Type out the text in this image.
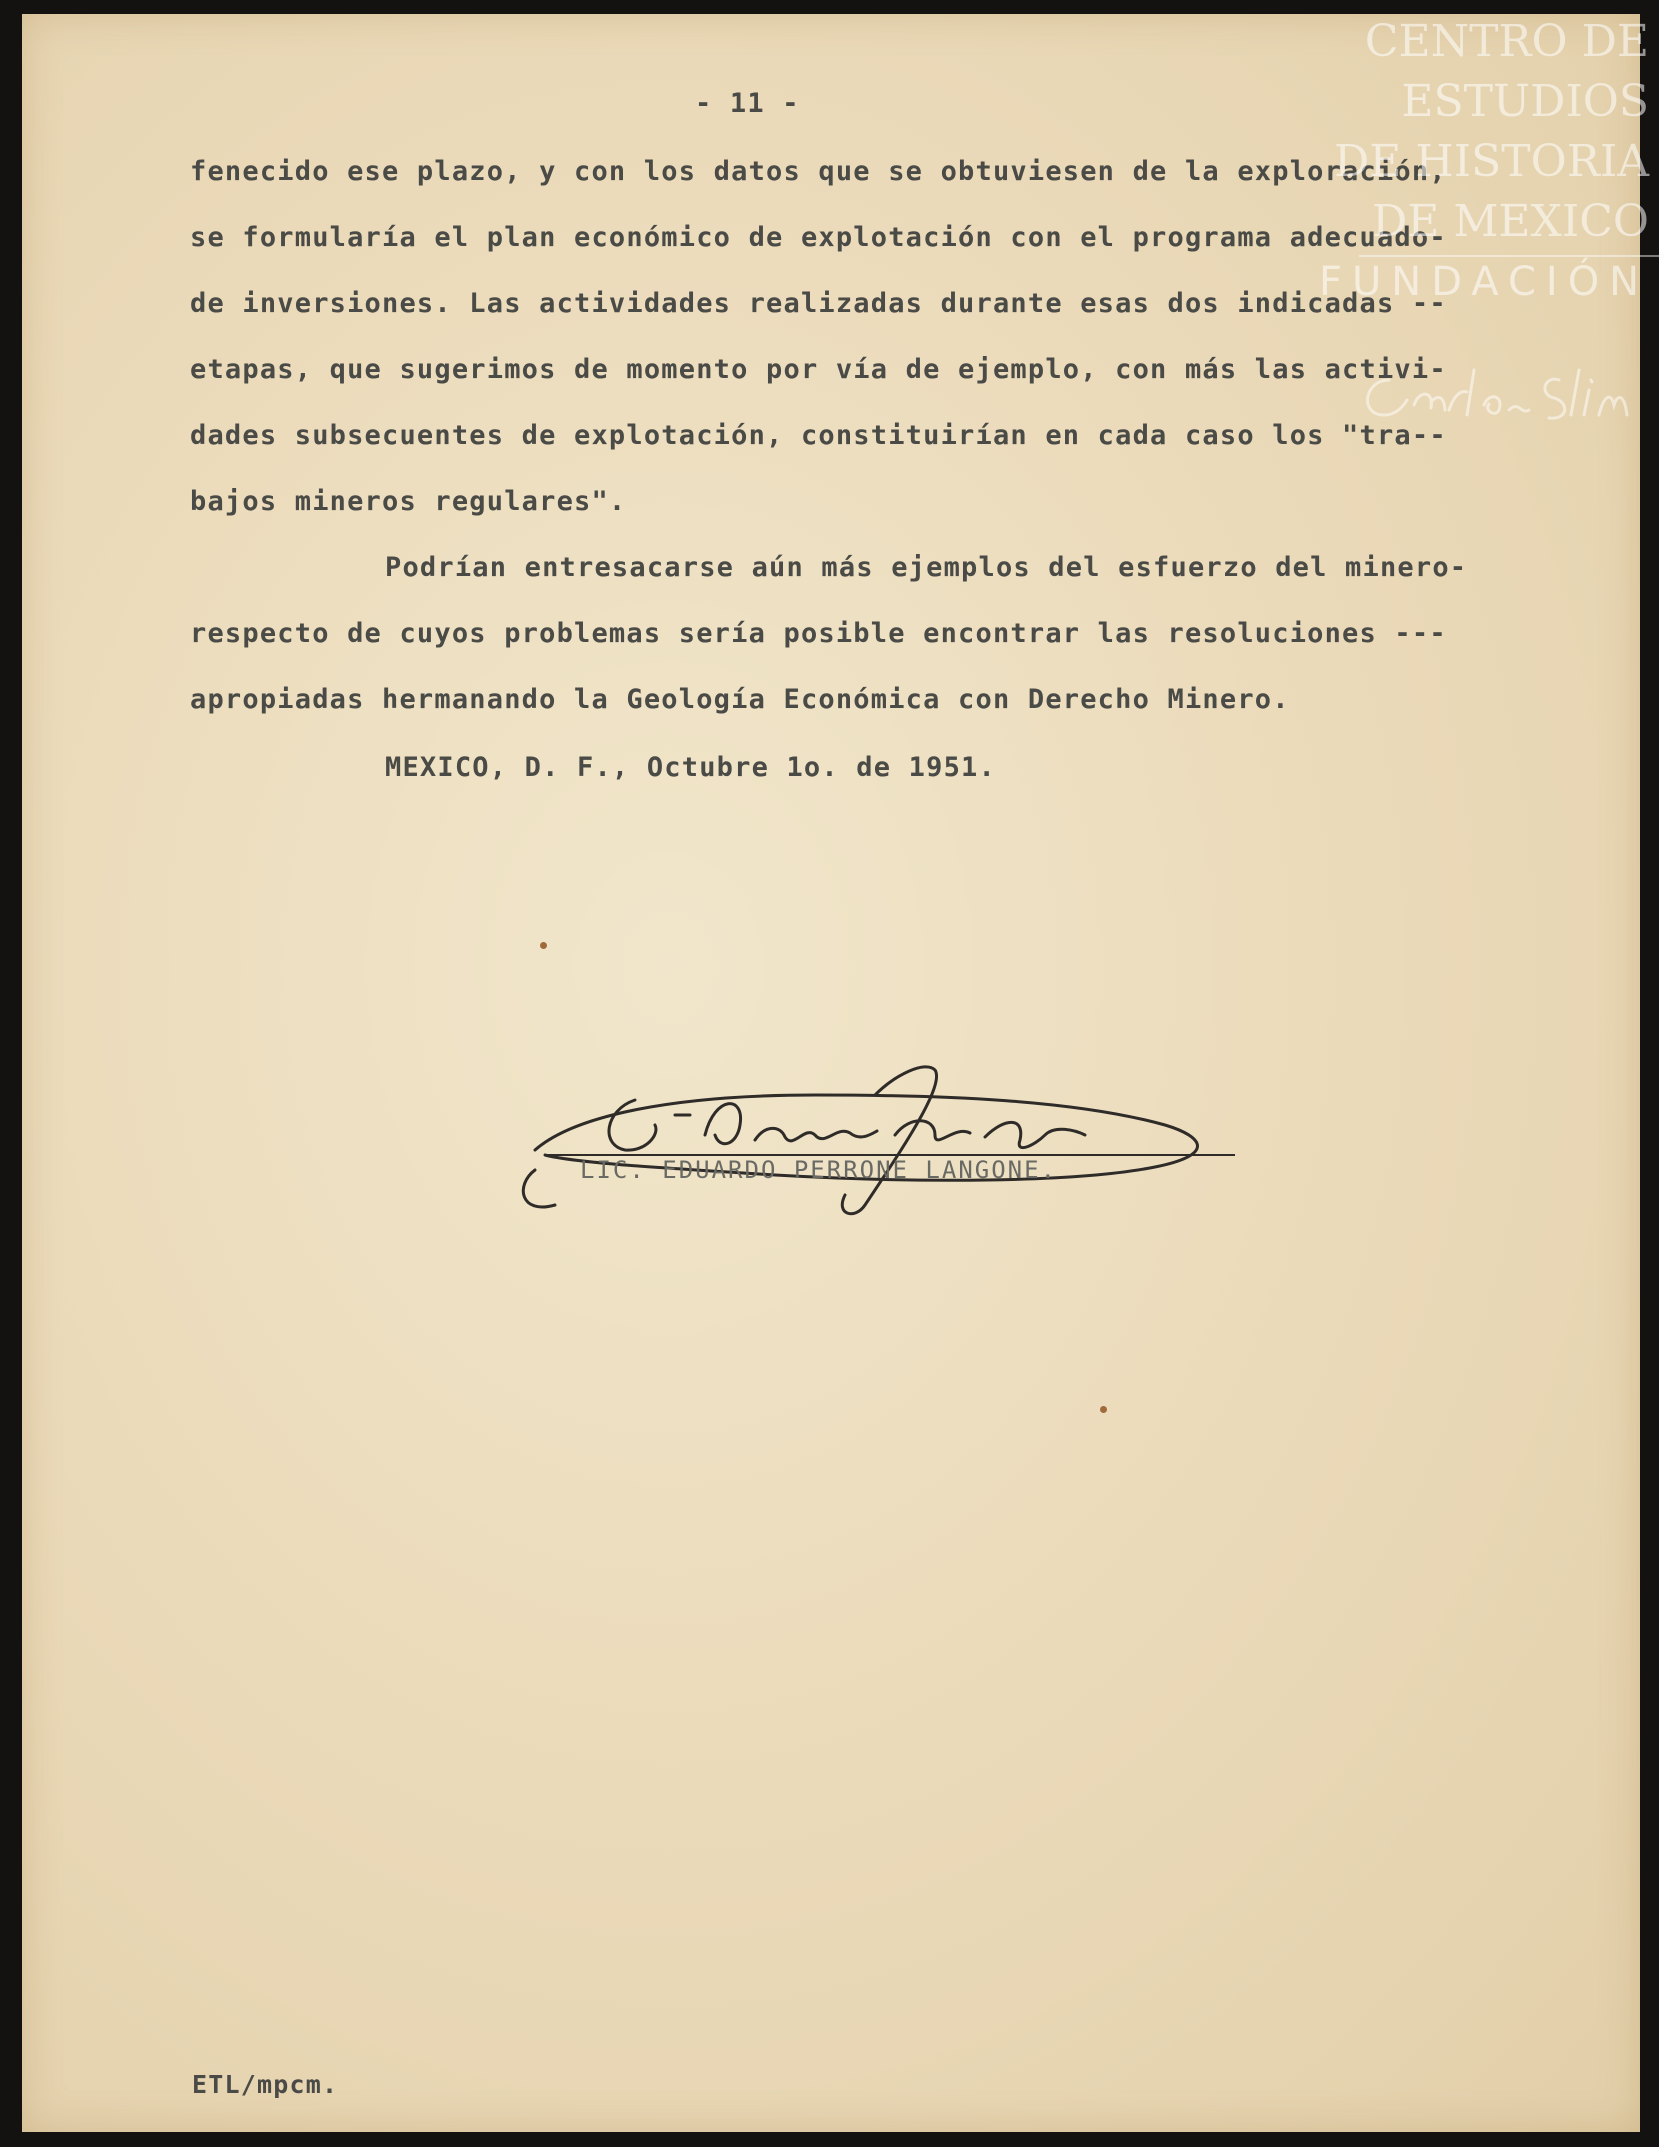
- 11 -
fenecido ese plazo, y con los datos que se obtuviesen de la exploración,
se formularía el plan económico de explotación con el programa adecuado-
de inversiones. Las actividades realizadas durante esas dos indicadas --
etapas, que sugerimos de momento por vía de ejemplo, con más las activi-
dades subsecuentes de explotación, constituirían en cada caso los "tra--
bajos mineros regulares".
Podrían entresacarse aún más ejemplos del esfuerzo del minero-
respecto de cuyos problemas sería posible encontrar las resoluciones ---
apropiadas hermanando la Geología Económica con Derecho Minero.
MEXICO, D. F., Octubre 1o. de 1951.
LIC. EDUARDO PERRONE LANGONE.
ETL/mpcm.
CENTRO DE
ESTUDIOS
DE HISTORIA
DE MEXICO
FUNDACIÓN
